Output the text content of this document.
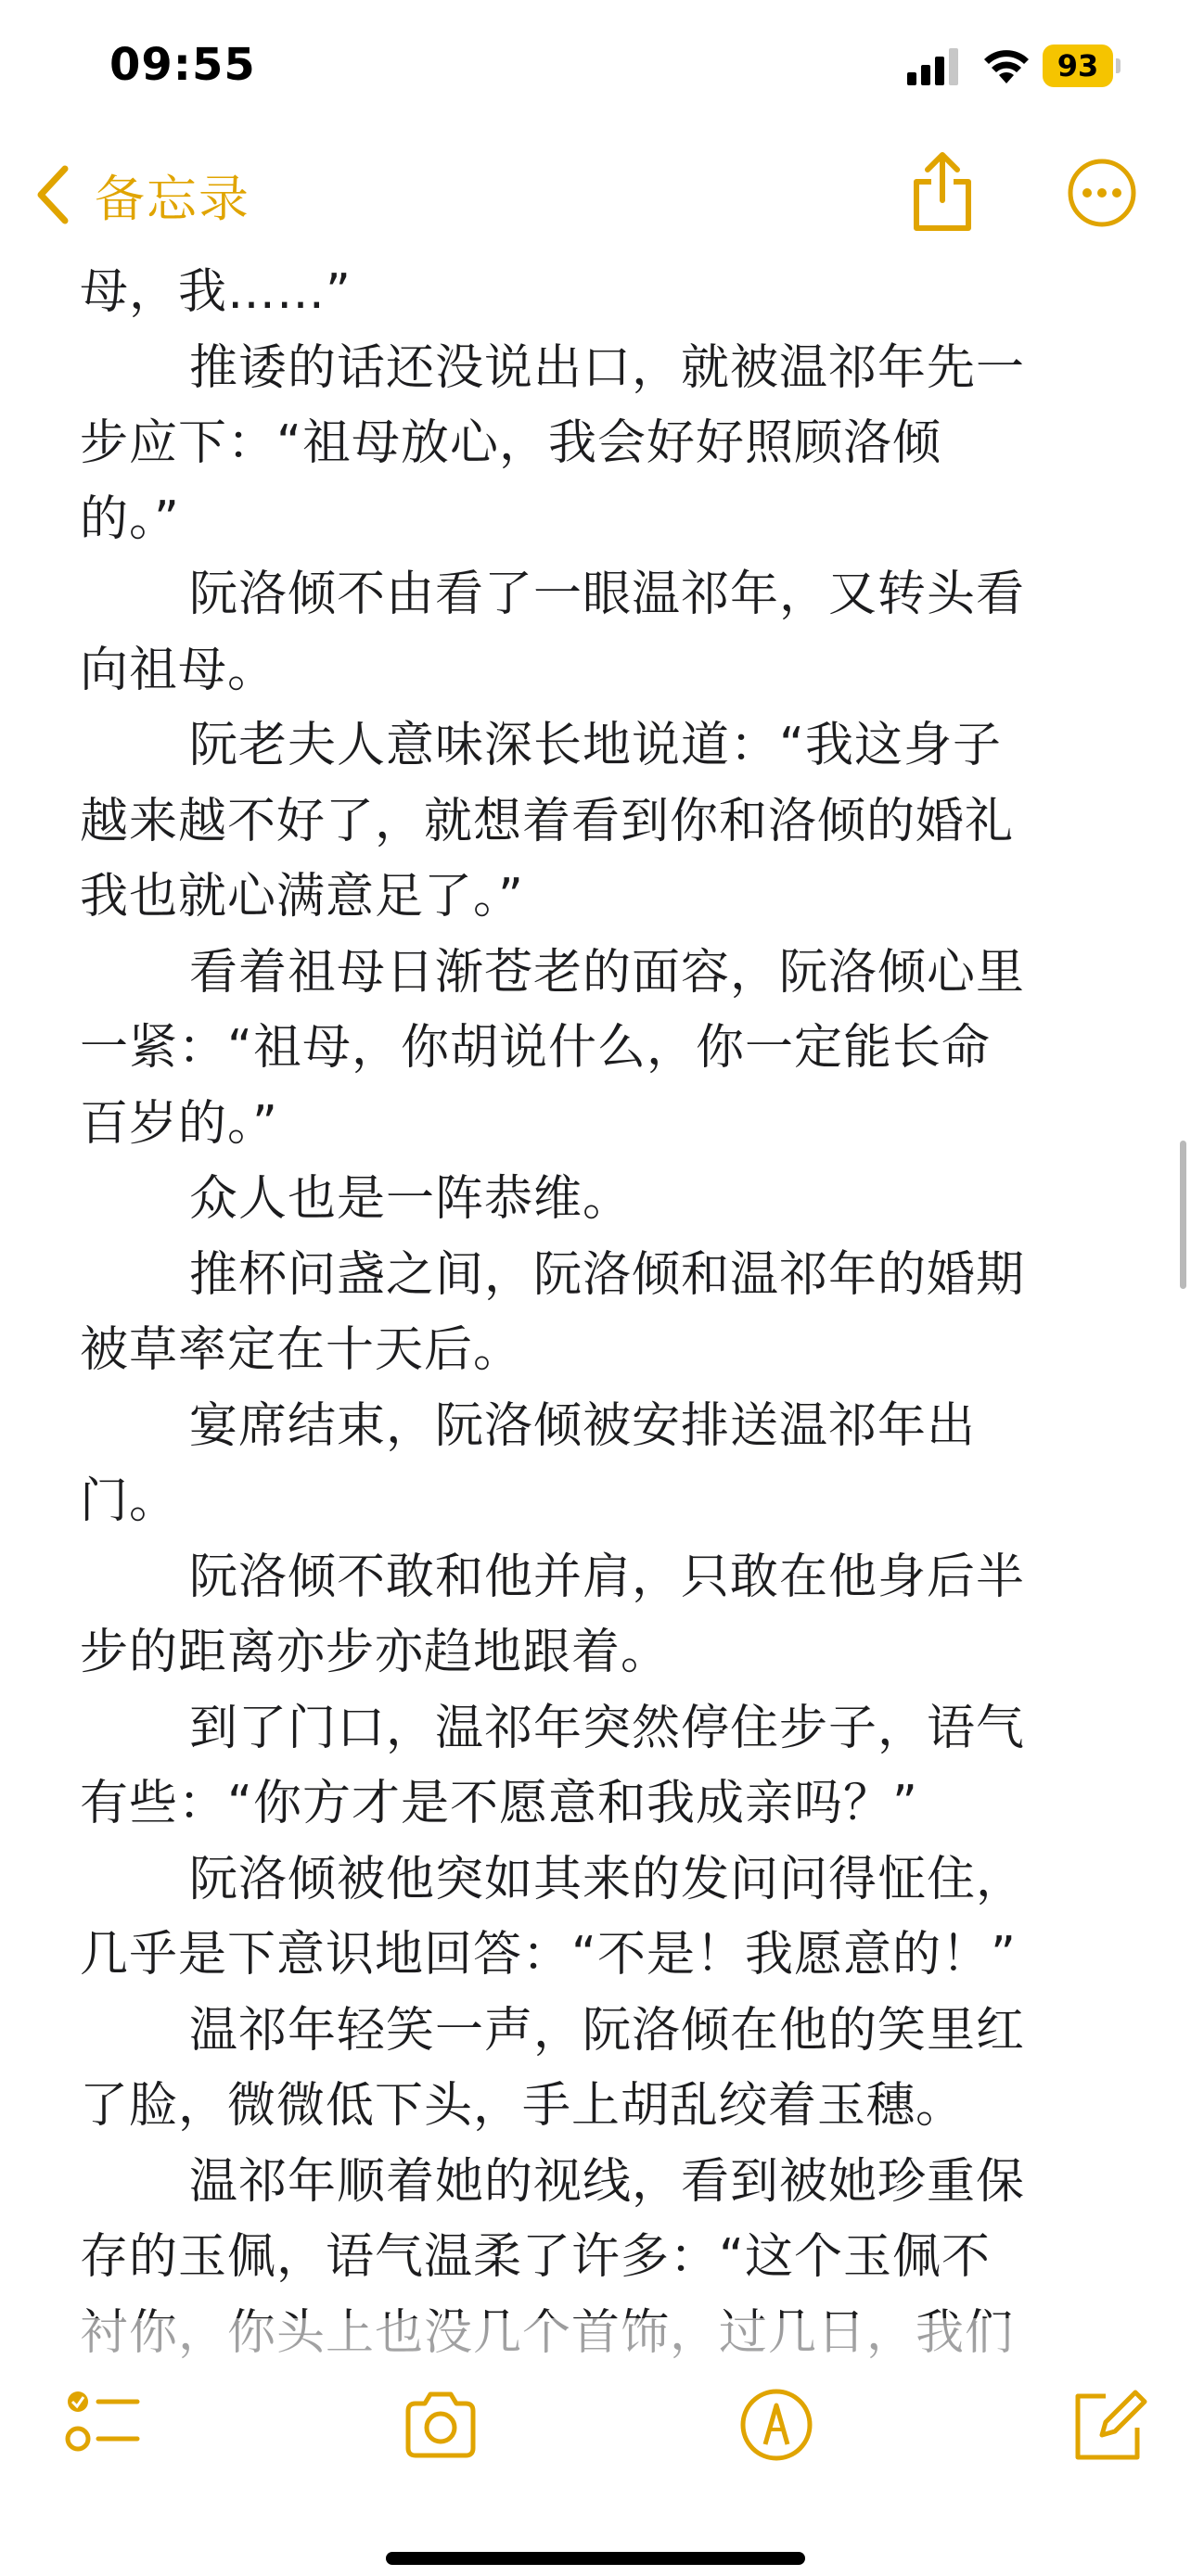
09:55	93
备忘录
母，我……”
推诿的话还没说出口，就被温祁年先一
步应下：“祖母放心，我会好好照顾洛倾
的。”
阮洛倾不由看了一眼温祁年，又转头看
向祖母。
阮老夫人意味深长地说道：“我这身子
越来越不好了，就想着看到你和洛倾的婚礼
我也就心满意足了。”
看着祖母日渐苍老的面容，阮洛倾心里
一紧：“祖母，你胡说什么，你一定能长命
百岁的。”
众人也是一阵恭维。
推杯问盏之间，阮洛倾和温祁年的婚期
被草率定在十天后。
宴席结束，阮洛倾被安排送温祁年出
门。
阮洛倾不敢和他并肩，只敢在他身后半
步的距离亦步亦趋地跟着。
到了门口，温祁年突然停住步子，语气
有些：“你方才是不愿意和我成亲吗？”
阮洛倾被他突如其来的发问问得怔住，
几乎是下意识地回答：“不是！我愿意的！”
温祁年轻笑一声，阮洛倾在他的笑里红
了脸，微微低下头，手上胡乱绞着玉穗。
温祁年顺着她的视线，看到被她珍重保
存的玉佩，语气温柔了许多：“这个玉佩不
